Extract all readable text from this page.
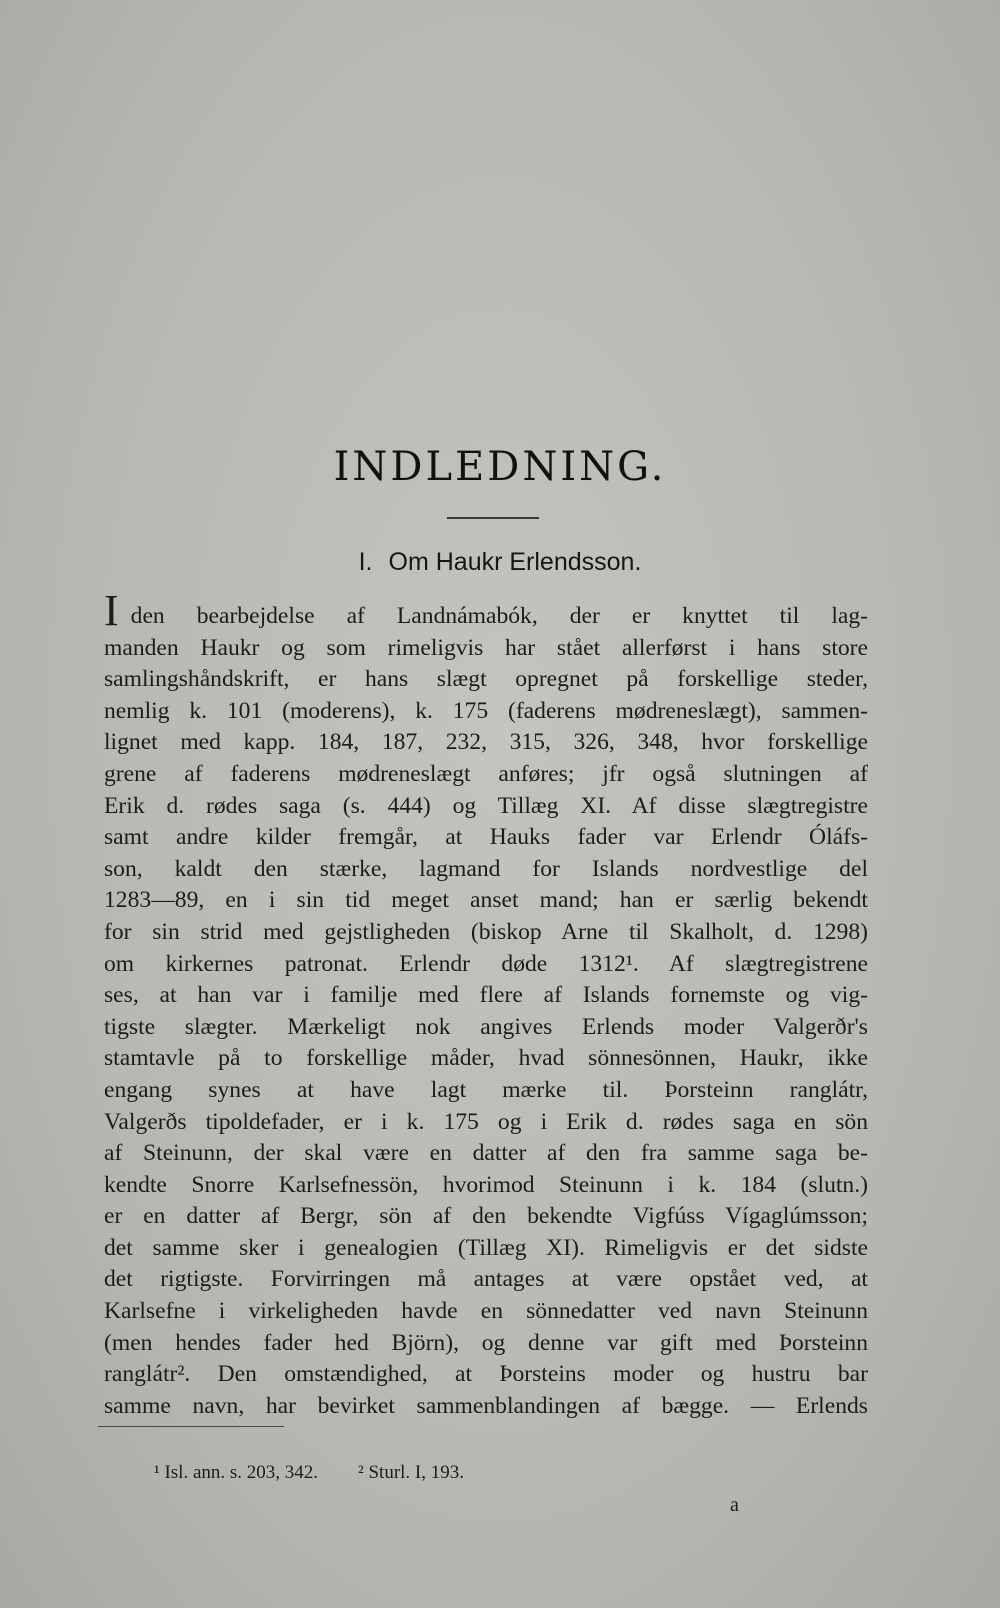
INDLEDNING.
I. Om Haukr Erlendsson.
Iden bearbejdelse af Landnámabók, der er knyttet til lag-
manden Haukr og som rimeligvis har stået allerførst i hans store
samlingshåndskrift, er hans slægt opregnet på forskellige steder,
nemlig k. 101 (moderens), k. 175 (faderens mødreneslægt), sammen-
lignet med kapp. 184, 187, 232, 315, 326, 348, hvor forskellige
grene af faderens mødreneslægt anføres; jfr også slutningen af
Erik d. rødes saga (s. 444) og Tillæg XI. Af disse slægtregistre
samt andre kilder fremgår, at Hauks fader var Erlendr Óláfs-
son, kaldt den stærke, lagmand for Islands nordvestlige del
1283—89, en i sin tid meget anset mand; han er særlig bekendt
for sin strid med gejstligheden (biskop Arne til Skalholt, d. 1298)
om kirkernes patronat. Erlendr døde 1312¹. Af slægtregistrene
ses, at han var i familje med flere af Islands fornemste og vig-
tigste slægter. Mærkeligt nok angives Erlends moder Valgerðr's
stamtavle på to forskellige måder, hvad sönnesönnen, Haukr, ikke
engang synes at have lagt mærke til. Þorsteinn ranglátr,
Valgerðs tipoldefader, er i k. 175 og i Erik d. rødes saga en sön
af Steinunn, der skal være en datter af den fra samme saga be-
kendte Snorre Karlsefnessön, hvorimod Steinunn i k. 184 (slutn.)
er en datter af Bergr, sön af den bekendte Vigfúss Vígaglúmsson;
det samme sker i genealogien (Tillæg XI). Rimeligvis er det sidste
det rigtigste. Forvirringen må antages at være opstået ved, at
Karlsefne i virkeligheden havde en sönnedatter ved navn Steinunn
(men hendes fader hed Björn), og denne var gift med Þorsteinn
ranglátr². Den omstændighed, at Þorsteins moder og hustru bar
samme navn, har bevirket sammenblandingen af bægge. — Erlends
¹ Isl. ann. s. 203, 342. ² Sturl. I, 193.
a
